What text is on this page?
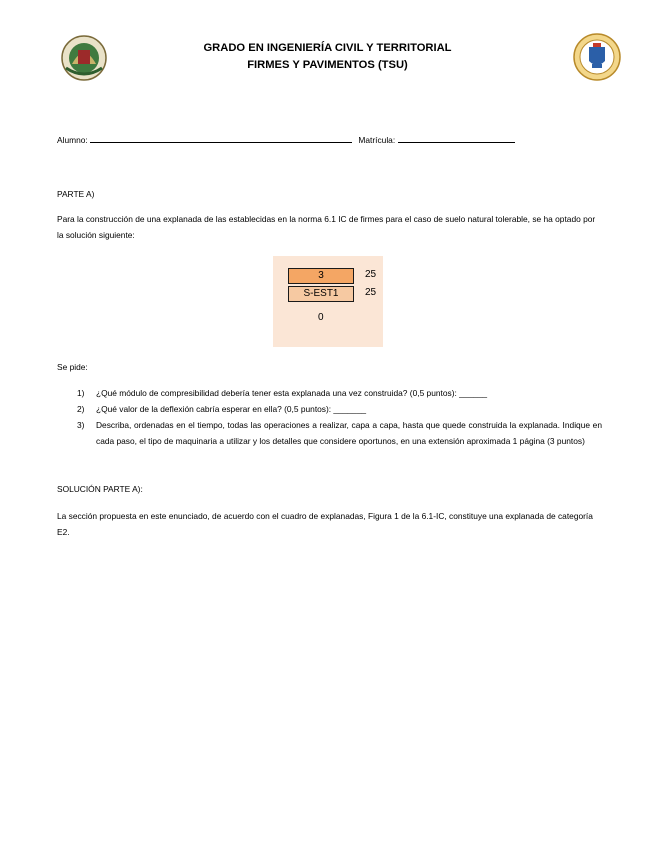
GRADO EN INGENIERÍA CIVIL Y TERRITORIAL
FIRMES Y PAVIMENTOS (TSU)
Alumno:	Matrícula:
PARTE A)
Para la construcción de una explanada de las establecidas en la norma 6.1 IC de firmes para el caso de suelo natural tolerable, se ha optado por la solución siguiente:
3	25
S-EST1	25
0
Se pide:
1) ¿Qué módulo de compresibilidad debería tener esta explanada una vez construida? (0,5 puntos): ______
2) ¿Qué valor de la deflexión cabría esperar en ella? (0,5 puntos): _______
3) Describa, ordenadas en el tiempo, todas las operaciones a realizar, capa a capa, hasta que quede construida la explanada. Indique en cada paso, el tipo de maquinaria a utilizar y los detalles que considere oportunos, en una extensión aproximada 1 página (3 puntos)
SOLUCIÓN PARTE A):
La sección propuesta en este enunciado, de acuerdo con el cuadro de explanadas, Figura 1 de la 6.1-IC, constituye una explanada de categoría E2.
